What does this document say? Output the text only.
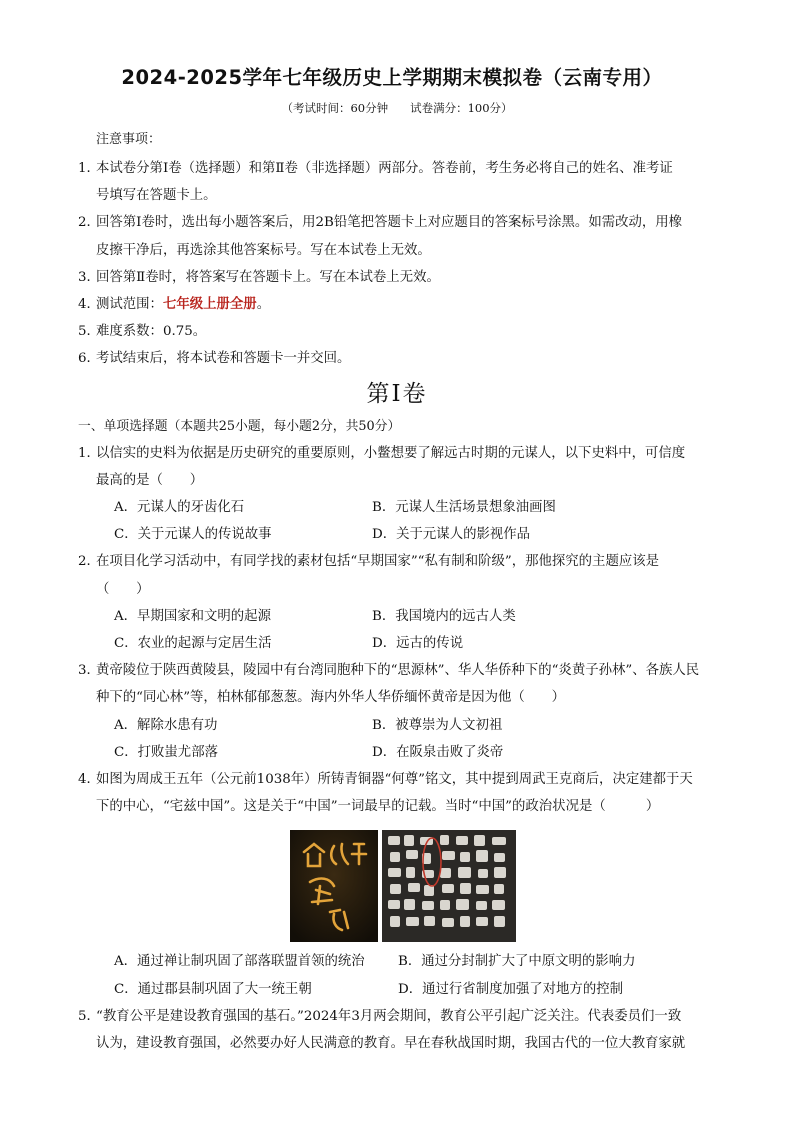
2024-2025学年七年级历史上学期期末模拟卷（云南专用）
（考试时间：60分钟 试卷满分：100分）
注意事项：
1．
本试卷分第Ⅰ卷（选择题）和第Ⅱ卷（非选择题）两部分。答卷前，考生务必将自己的姓名、准考证
号填写在答题卡上。
2．
回答第Ⅰ卷时，选出每小题答案后，用2B铅笔把答题卡上对应题目的答案标号涂黑。如需改动，用橡
皮擦干净后，再选涂其他答案标号。写在本试卷上无效。
3．
回答第Ⅱ卷时，将答案写在答题卡上。写在本试卷上无效。
4．
测试范围：七年级上册全册。
5．
难度系数：0.75。
6．
考试结束后，将本试卷和答题卡一并交回。
第Ⅰ卷
一、单项选择题（本题共25小题，每小题2分，共50分）
1．
以信实的史料为依据是历史研究的重要原则，小鳖想要了解远古时期的元谋人，以下史料中，可信度
最高的是（　　）
A．元谋人的牙齿化石	B．元谋人生活场景想象油画图
C．关于元谋人的传说故事	D．关于元谋人的影视作品
2．
在项目化学习活动中，有同学找的素材包括“早期国家”“私有制和阶级”，那他探究的主题应该是
（　　）
A．早期国家和文明的起源	B．我国境内的远古人类
C．农业的起源与定居生活	D．远古的传说
3．
黄帝陵位于陕西黄陵县，陵园中有台湾同胞种下的“思源林”、华人华侨种下的“炎黄子孙林”、各族人民
种下的“同心林”等，柏林郁郁葱葱。海内外华人华侨缅怀黄帝是因为他（　　）
A．解除水患有功	B．被尊崇为人文初祖
C．打败蚩尤部落	D．在阪泉击败了炎帝
4．
如图为周成王五年（公元前1038年）所铸青铜器“何尊”铭文，其中提到周武王克商后，决定建都于天
下的中心，“宅兹中国”。这是关于“中国”一词最早的记载。当时“中国”的政治状况是（　　　）
A．通过禅让制巩固了部落联盟首领的统治	B．通过分封制扩大了中原文明的影响力
C．通过郡县制巩固了大一统王朝	D．通过行省制度加强了对地方的控制
5．
“教育公平是建设教育强国的基石。”2024年3月两会期间，教育公平引起广泛关注。代表委员们一致
认为，建设教育强国，必然要办好人民满意的教育。早在春秋战国时期，我国古代的一位大教育家就
